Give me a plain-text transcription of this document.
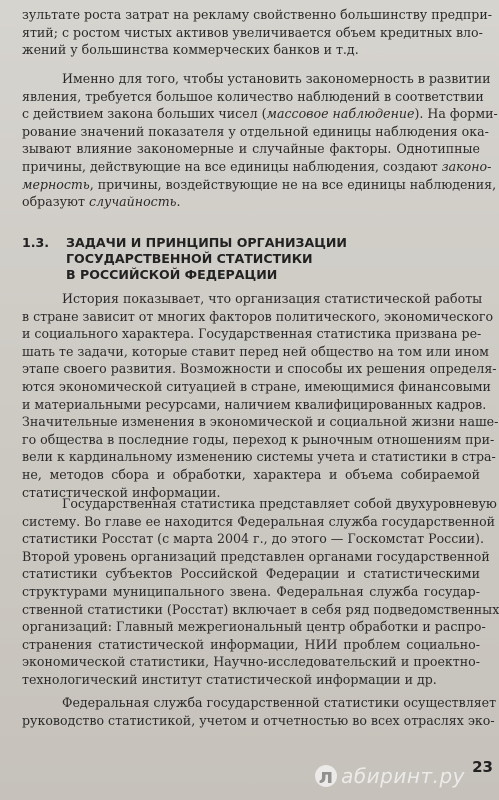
зультате роста затрат на рекламу свойственно большинству предпри-
ятий; с ростом чистых активов увеличивается объем кредитных вло-
жений у большинства коммерческих банков и т.д.
Именно для того, чтобы установить закономерность в развитии
явления, требуется большое количество наблюдений в соответствии
с действием закона больших чисел (массовое наблюдение). На форми-
рование значений показателя у отдельной единицы наблюдения ока-
зывают влияние закономерные и случайные факторы. Однотипные
причины, действующие на все единицы наблюдения, создают законо-
мерность, причины, воздействующие не на все единицы наблюдения,
образуют случайность.
1.3. ЗАДАЧИ И ПРИНЦИПЫ ОРГАНИЗАЦИИ
ГОСУДАРСТВЕННОЙ СТАТИСТИКИ
В РОССИЙСКОЙ ФЕДЕРАЦИИ
История показывает, что организация статистической работы
в стране зависит от многих факторов политического, экономического
и социального характера. Государственная статистика призвана ре-
шать те задачи, которые ставит перед ней общество на том или ином
этапе своего развития. Возможности и способы их решения определя-
ются экономической ситуацией в стране, имеющимися финансовыми
и материальными ресурсами, наличием квалифицированных кадров.
Значительные изменения в экономической и социальной жизни наше-
го общества в последние годы, переход к рыночным отношениям при-
вели к кардинальному изменению системы учета и статистики в стра-
не, методов сбора и обработки, характера и объема собираемой
статистической информации.
Государственная статистика представляет собой двухуровневую
систему. Во главе ее находится Федеральная служба государственной
статистики Росстат (с марта 2004 г., до этого — Госкомстат России).
Второй уровень организаций представлен органами государственной
статистики субъектов Российской Федерации и статистическими
структурами муниципального звена. Федеральная служба государ-
ственной статистики (Росстат) включает в себя ряд подведомственных
организаций: Главный межрегиональный центр обработки и распро-
странения статистической информации, НИИ проблем социально-
экономической статистики, Научно-исследовательский и проектно-
технологический институт статистической информации и др.
Федеральная служба государственной статистики осуществляет
руководство статистикой, учетом и отчетностью во всех отраслях эко-
23
л абиринт.ру
